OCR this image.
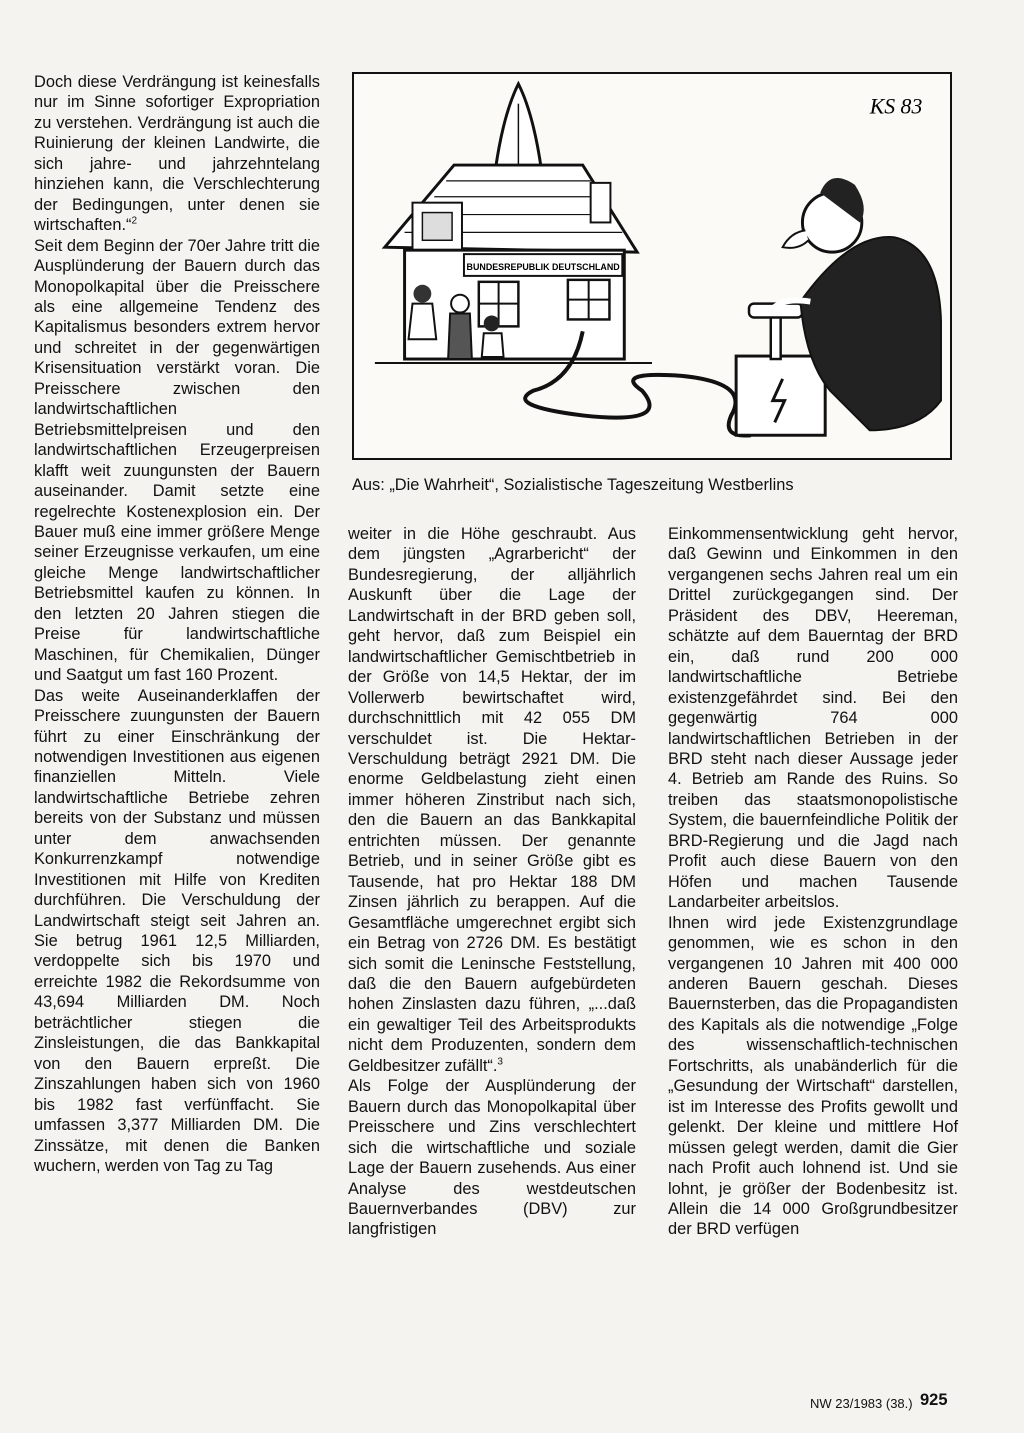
Doch diese Verdrängung ist keinesfalls nur im Sinne sofortiger Expropriation zu verstehen. Verdrängung ist auch die Ruinierung der kleinen Landwirte, die sich jahre- und jahrzehntelang hinziehen kann, die Verschlechterung der Bedingungen, unter denen sie wirtschaften.“$^2$

Seit dem Beginn der 70er Jahre tritt die Ausplünderung der Bauern durch das Monopolkapital über die Preisschere als eine allgemeine Tendenz des Kapitalismus besonders extrem hervor und schreitet in der gegenwärtigen Krisensituation verstärkt voran. Die Preisschere zwischen den landwirtschaftlichen Betriebsmittelpreisen und den landwirtschaftlichen Erzeugerpreisen klafft weit zuungunsten der Bauern auseinander. Damit setzte eine regelrechte Kostenexplosion ein. Der Bauer muß eine immer größere Menge seiner Erzeugnisse verkaufen, um eine gleiche Menge landwirtschaftlicher Betriebsmittel kaufen zu können. In den letzten 20 Jahren stiegen die Preise für landwirtschaftliche Maschinen, für Chemikalien, Dünger und Saatgut um fast 160 Prozent.

Das weite Auseinanderklaffen der Preisschere zuungunsten der Bauern führt zu einer Einschränkung der notwendigen Investitionen aus eigenen finanziellen Mitteln. Viele landwirtschaftliche Betriebe zehren bereits von der Substanz und müssen unter dem anwachsenden Konkurrenzkampf notwendige Investitionen mit Hilfe von Krediten durchführen. Die Verschuldung der Landwirtschaft steigt seit Jahren an. Sie betrug 1961 12,5 Milliarden, verdoppelte sich bis 1970 und erreichte 1982 die Rekordsumme von 43,694 Milliarden DM. Noch beträchtlicher stiegen die Zinsleistungen, die das Bankkapital von den Bauern erpreßt. Die Zinszahlungen haben sich von 1960 bis 1982 fast verfünffacht. Sie umfassen 3,377 Milliarden DM. Die Zinssätze, mit denen die Banken wuchern, werden von Tag zu Tag

BUNDESREPUBLIK DEUTSCHLAND
KS 83
Aus: „Die Wahrheit“, Sozialistische Tageszeitung Westberlins

weiter in die Höhe geschraubt. Aus dem jüngsten „Agrarbericht“ der Bundesregierung, der alljährlich Auskunft über die Lage der Landwirtschaft in der BRD geben soll, geht hervor, daß zum Beispiel ein landwirtschaftlicher Gemischtbetrieb in der Größe von 14,5 Hektar, der im Vollerwerb bewirtschaftet wird, durchschnittlich mit 42 055 DM verschuldet ist. Die Hektar-Verschuldung beträgt 2921 DM. Die enorme Geldbelastung zieht einen immer höheren Zinstribut nach sich, den die Bauern an das Bankkapital entrichten müssen. Der genannte Betrieb, und in seiner Größe gibt es Tausende, hat pro Hektar 188 DM Zinsen jährlich zu berappen. Auf die Gesamtfläche umgerechnet ergibt sich ein Betrag von 2726 DM. Es bestätigt sich somit die Leninsche Feststellung, daß die den Bauern aufgebürdeten hohen Zinslasten dazu führen, „...daß ein gewaltiger Teil des Arbeitsprodukts nicht dem Produzenten, sondern dem Geldbesitzer zufällt“.$^3$

Als Folge der Ausplünderung der Bauern durch das Monopolkapital über Preisschere und Zins verschlechtert sich die wirtschaftliche und soziale Lage der Bauern zusehends. Aus einer Analyse des westdeutschen Bauernverbandes (DBV) zur langfristigen

Einkommensentwicklung geht hervor, daß Gewinn und Einkommen in den vergangenen sechs Jahren real um ein Drittel zurückgegangen sind. Der Präsident des DBV, Heereman, schätzte auf dem Bauerntag der BRD ein, daß rund 200 000 landwirtschaftliche Betriebe existenzgefährdet sind. Bei den gegenwärtig 764 000 landwirtschaftlichen Betrieben in der BRD steht nach dieser Aussage jeder 4. Betrieb am Rande des Ruins. So treiben das staatsmonopolistische System, die bauernfeindliche Politik der BRD-Regierung und die Jagd nach Profit auch diese Bauern von den Höfen und machen Tausende Landarbeiter arbeitslos.

Ihnen wird jede Existenzgrundlage genommen, wie es schon in den vergangenen 10 Jahren mit 400 000 anderen Bauern geschah. Dieses Bauernsterben, das die Propagandisten des Kapitals als die notwendige „Folge des wissenschaftlich-technischen Fortschritts, als unabänderlich für die „Gesundung der Wirtschaft“ darstellen, ist im Interesse des Profits gewollt und gelenkt. Der kleine und mittlere Hof müssen gelegt werden, damit die Gier nach Profit auch lohnend ist. Und sie lohnt, je größer der Bodenbesitz ist. Allein die 14 000 Großgrundbesitzer der BRD verfügen

NW 23/1983 (38.) 925
